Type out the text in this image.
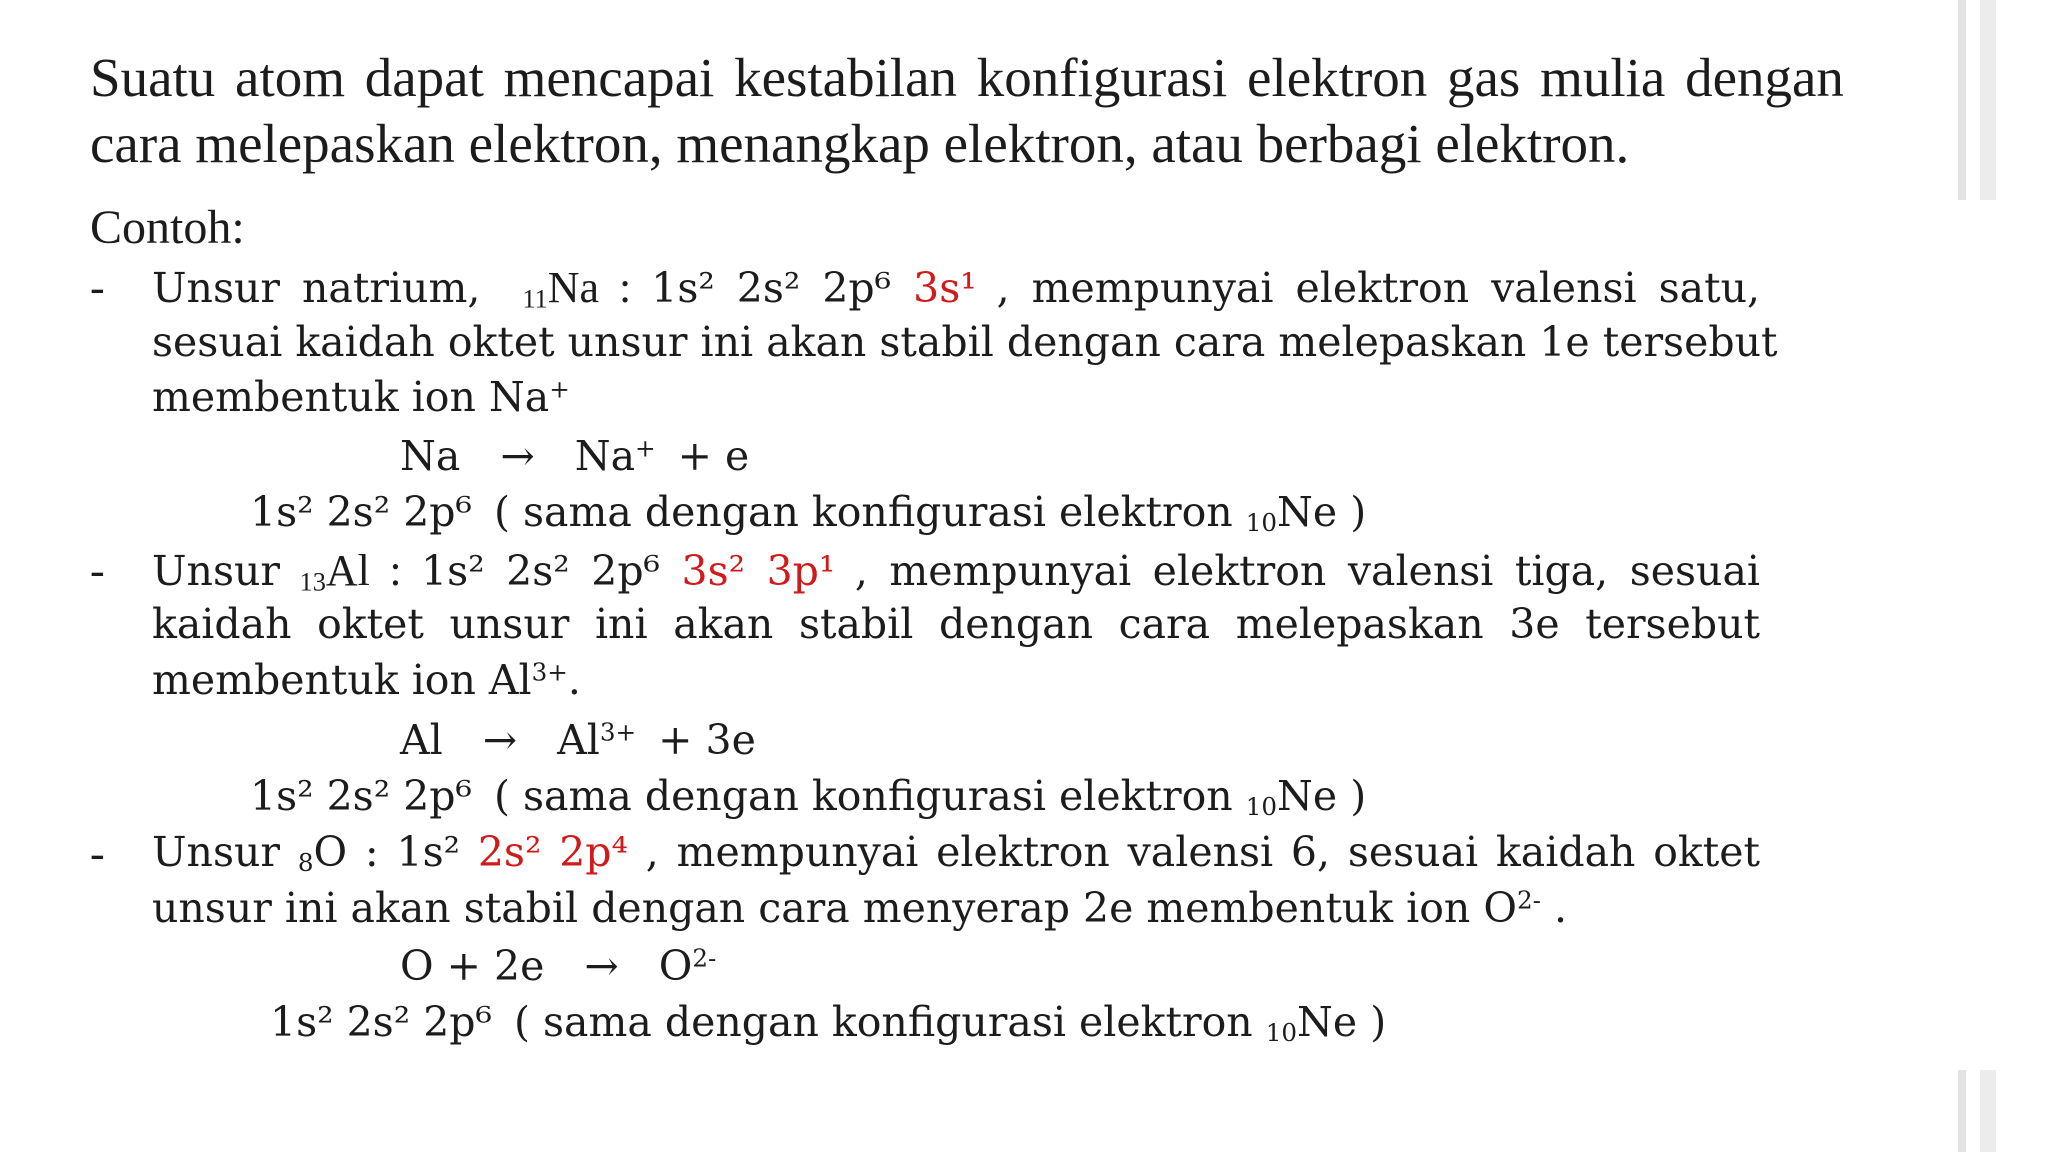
Suatu atom dapat mencapai kestabilan konfigurasi elektron gas mulia dengan
cara melepaskan elektron, menangkap elektron, atau berbagi elektron.
Contoh:
- Unsur natrium, $_{11}$Na : 1s² 2s² 2p⁶ 3s¹ , mempunyai elektron valensi satu,
sesuai kaidah oktet unsur ini akan stabil dengan cara melepaskan 1e tersebut
membentuk ion Na+
Na → Na+ + e
1s² 2s² 2p⁶ ( sama dengan konfigurasi elektron $_{10}$Ne )
- Unsur $_{13}$Al : 1s² 2s² 2p⁶ 3s² 3p¹ , mempunyai elektron valensi tiga, sesuai
kaidah oktet unsur ini akan stabil dengan cara melepaskan 3e tersebut
membentuk ion $Al^{3+}$.
$Al \to Al^{3+} + 3e$
1s² 2s² 2p⁶ ( sama dengan konfigurasi elektron $_{10}$Ne )
- Unsur $_8$O : 1s² 2s² 2p⁴ , mempunyai elektron valensi 6, sesuai kaidah oktet
unsur ini akan stabil dengan cara menyerap 2e membentuk ion $O^{2-}$ .
$O + 2e \to O^{2-}$
1s² 2s² 2p⁶ ( sama dengan konfigurasi elektron $_{10}$Ne )
